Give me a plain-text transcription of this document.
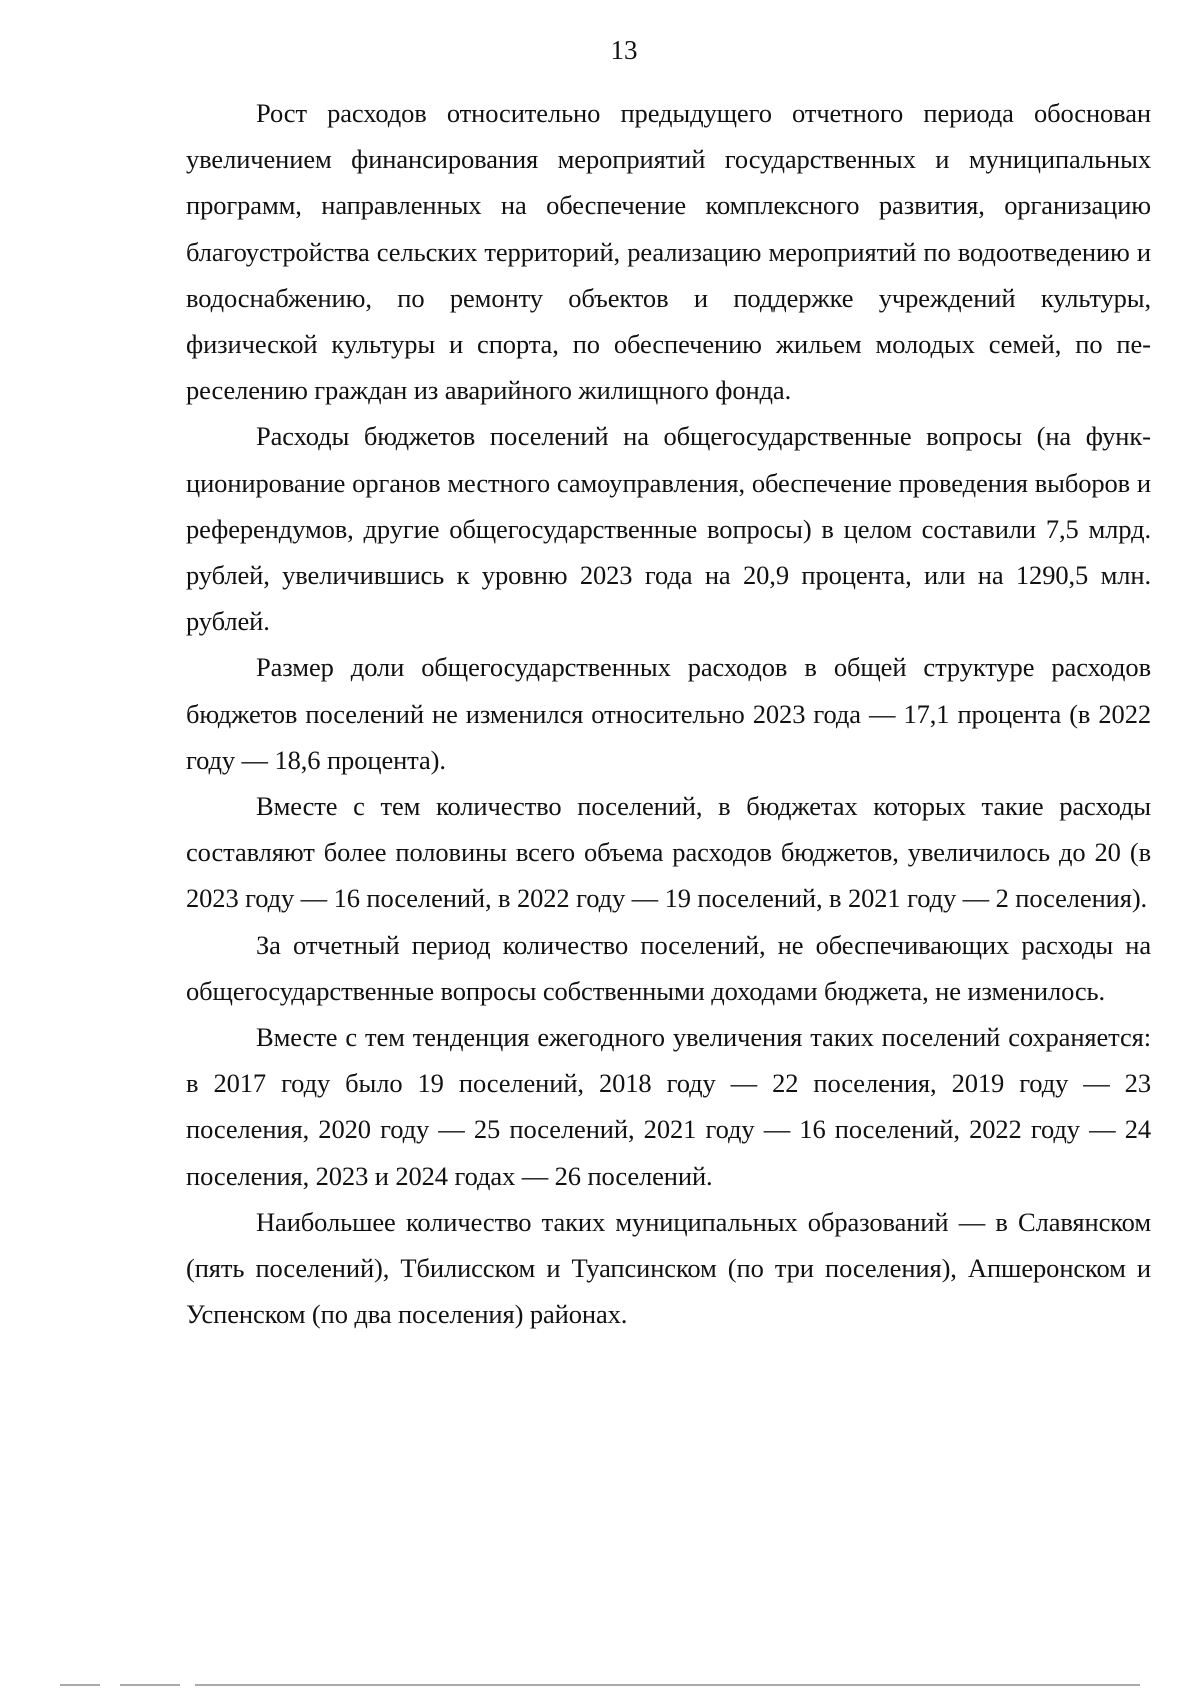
13

Рост расходов относительно предыдущего отчетного периода обоснован увеличением финансирования мероприятий государственных и муниципальных программ, направленных на обеспечение комплексного развития, организацию благоустройства сельских территорий, реализацию мероприятий по водоотведению и водоснабжению, по ремонту объектов и поддержке учреждений культуры, физической культуры и спорта, по обеспечению жильем молодых семей, по переселению граждан из аварийного жилищного фонда.

Расходы бюджетов поселений на общегосударственные вопросы (на функционирование органов местного самоуправления, обеспечение проведения выборов и референдумов, другие общегосударственные вопросы) в целом составили 7,5 млрд. рублей, увеличившись к уровню 2023 года на 20,9 процента, или на 1290,5 млн. рублей.

Размер доли общегосударственных расходов в общей структуре расходов бюджетов поселений не изменился относительно 2023 года — 17,1 процента (в 2022 году — 18,6 процента).

Вместе с тем количество поселений, в бюджетах которых такие расходы составляют более половины всего объема расходов бюджетов, увеличилось до 20 (в 2023 году — 16 поселений, в 2022 году — 19 поселений, в 2021 году — 2 поселения).

За отчетный период количество поселений, не обеспечивающих расходы на общегосударственные вопросы собственными доходами бюджета, не изменилось.

Вместе с тем тенденция ежегодного увеличения таких поселений сохраняется: в 2017 году было 19 поселений, 2018 году — 22 поселения, 2019 году — 23 поселения, 2020 году — 25 поселений, 2021 году — 16 поселений, 2022 году — 24 поселения, 2023 и 2024 годах — 26 поселений.

Наибольшее количество таких муниципальных образований — в Славянском (пять поселений), Тбилисском и Туапсинском (по три поселения), Апшеронском и Успенском (по два поселения) районах.
